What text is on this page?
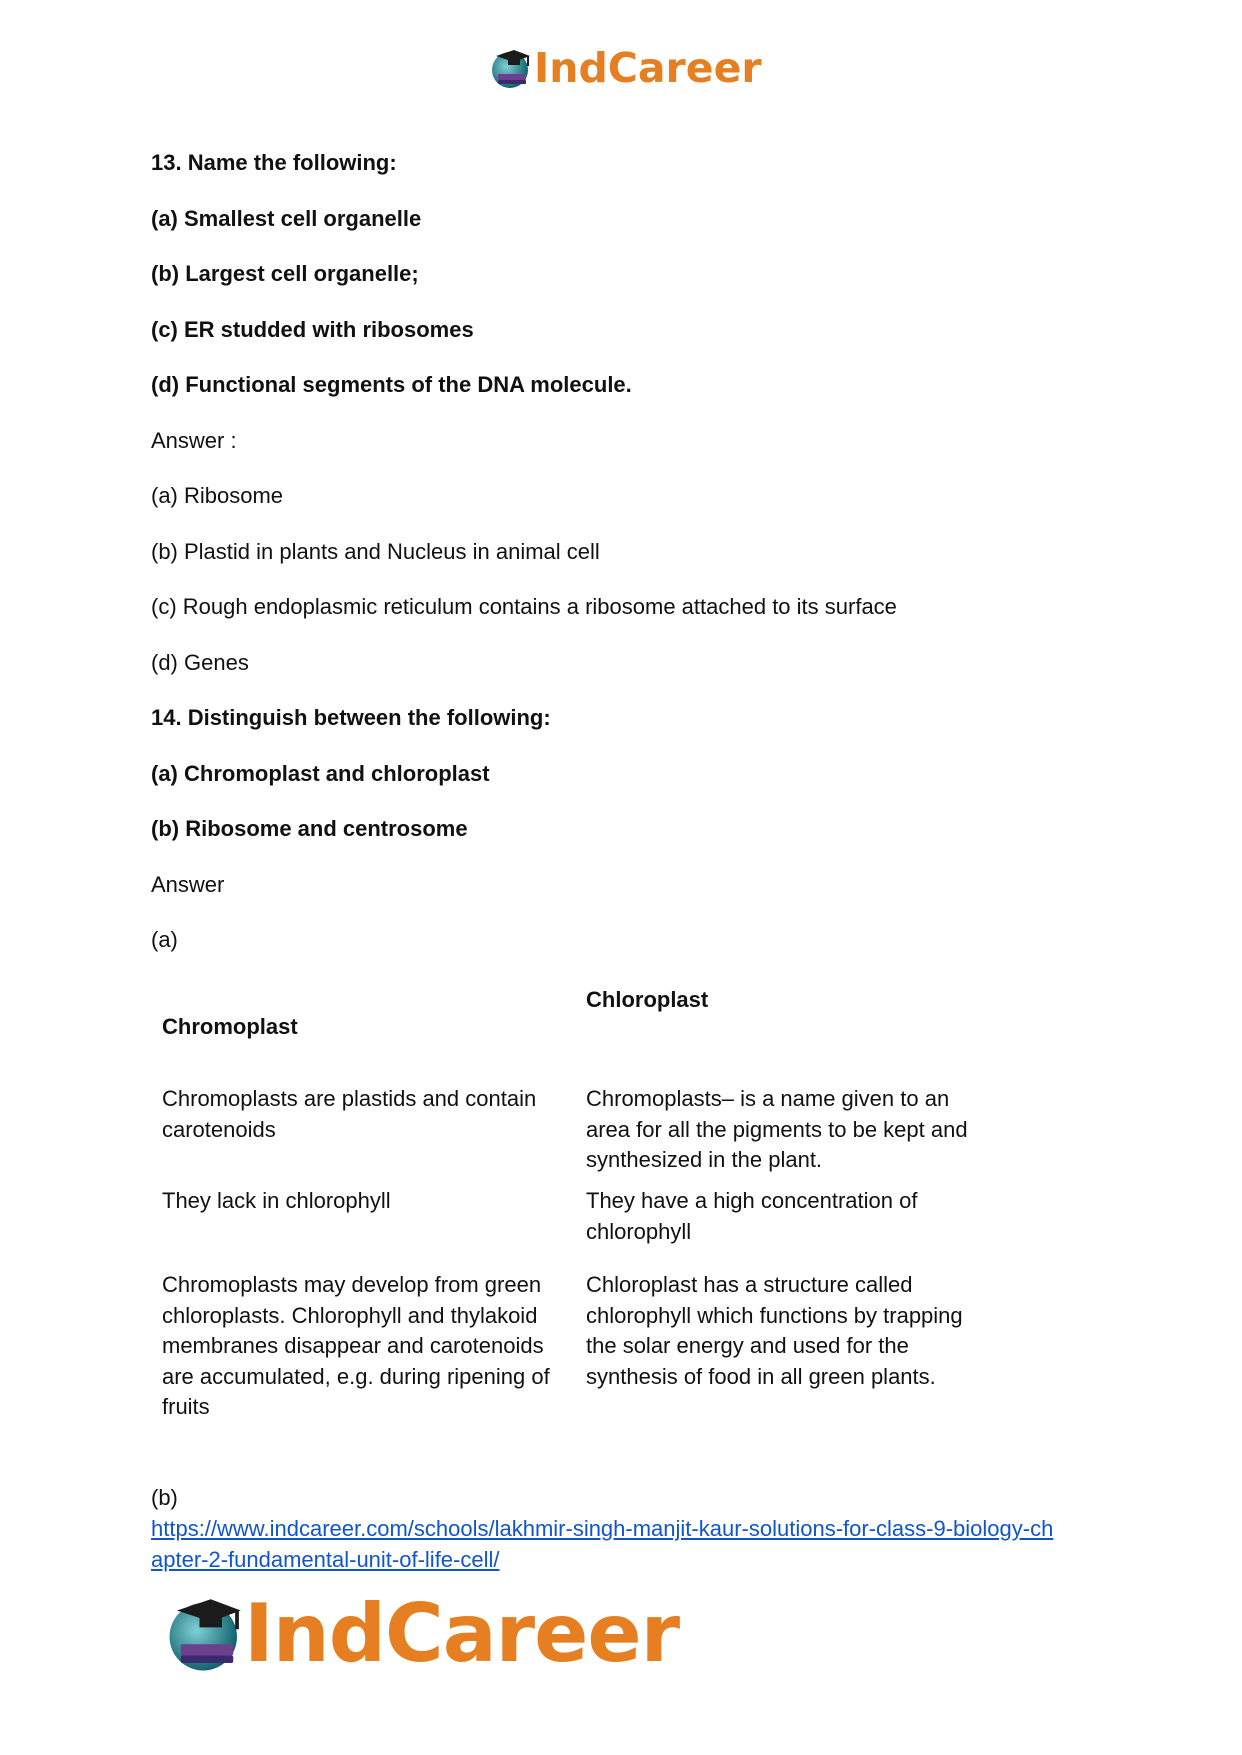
IndCareer

13. Name the following:

(a) Smallest cell organelle

(b) Largest cell organelle;

(c) ER studded with ribosomes

(d) Functional segments of the DNA molecule.

Answer :

(a) Ribosome

(b) Plastid in plants and Nucleus in animal cell

(c) Rough endoplasmic reticulum contains a ribosome attached to its surface

(d) Genes

14. Distinguish between the following:

(a) Chromoplast and chloroplast

(b) Ribosome and centrosome

Answer

(a)

Chromoplast
Chloroplast
Chromoplasts are plastids and contain carotenoids
Chromoplasts– is a name given to an area for all the pigments to be kept and synthesized in the plant.
They lack in chlorophyll	They have a high concentration of chlorophyll
Chromoplasts may develop from green chloroplasts. Chlorophyll and thylakoid membranes disappear and carotenoids are accumulated, e.g. during ripening of fruits
Chloroplast has a structure called chlorophyll which functions by trapping the solar energy and used for the synthesis of food in all green plants.
(b)
https://www.indcareer.com/schools/lakhmir-singh-manjit-kaur-solutions-for-class-9-biology-ch
apter-2-fundamental-unit-of-life-cell/
IndCareer
